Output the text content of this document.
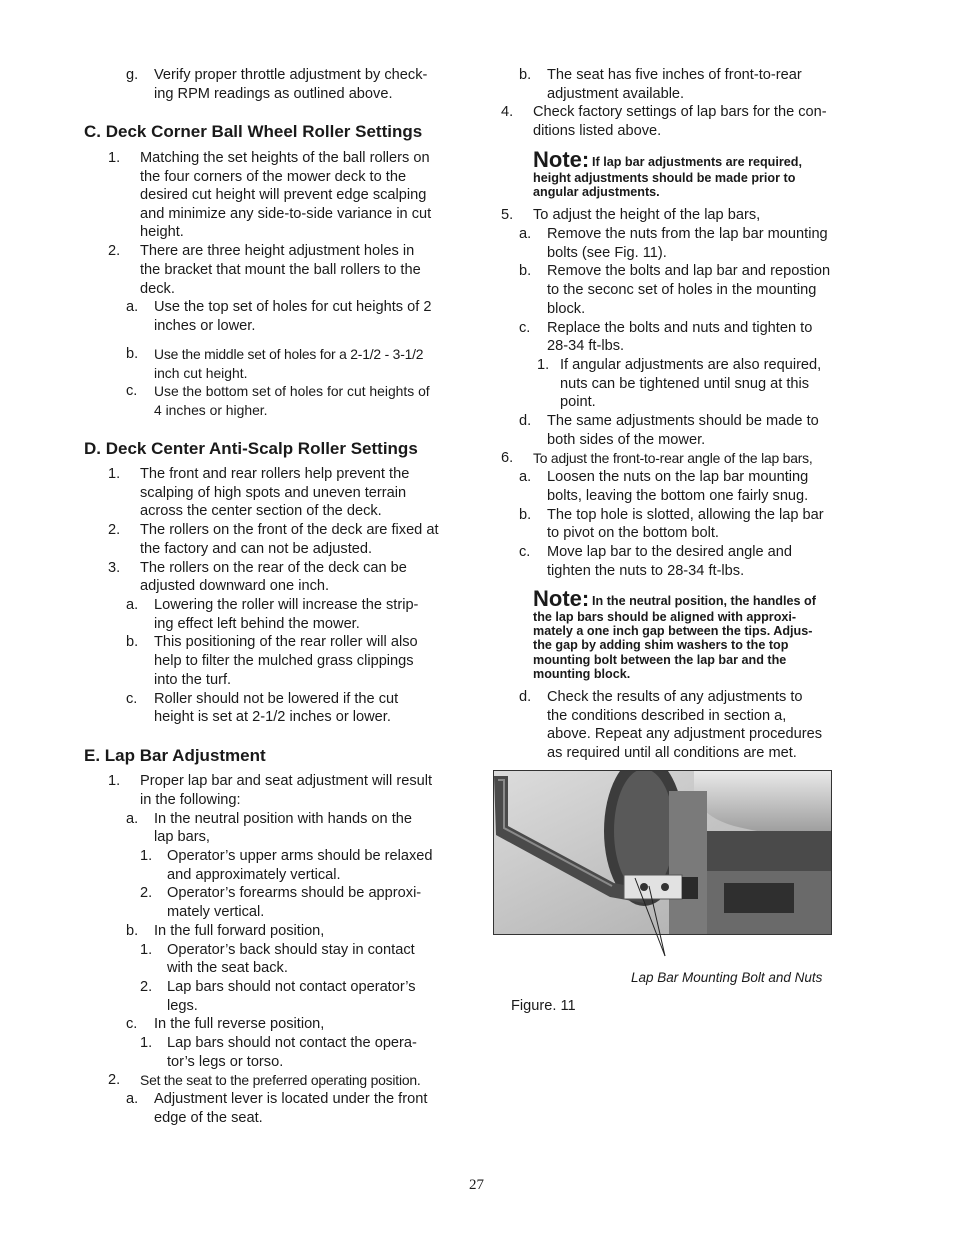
g. Verify proper throttle adjustment by check-
ing RPM readings as outlined above.
C. Deck Corner Ball Wheel Roller Settings
1. Matching the set heights of the ball rollers on
the four corners of the mower deck to the
desired cut height will prevent edge scalping
and minimize any side-to-side variance in cut
height.
2. There are three height adjustment holes in
the bracket that mount the ball rollers to the
deck.
a. Use the top set of holes for cut heights of 2
inches or lower.
b. Use the middle set of holes for a 2-1/2 - 3-1/2
inch cut height.
c. Use the bottom set of holes for cut heights of
4 inches or higher.
D. Deck Center Anti-Scalp Roller Settings
1. The front and rear rollers help prevent the
scalping of high spots and uneven terrain
across the center section of the deck.
2. The rollers on the front of the deck are fixed at
the factory and can not be adjusted.
3. The rollers on the rear of the deck can be
adjusted downward one inch.
a. Lowering the roller will increase the strip-
ing effect left behind the mower.
b. This positioning of the rear roller will also
help to filter the mulched grass clippings
into the turf.
c. Roller should not be lowered if the cut
height is set at 2-1/2 inches or lower.
E. Lap Bar Adjustment
1. Proper lap bar and seat adjustment will result
in the following:
a. In the neutral position with hands on the
lap bars,
1. Operator’s upper arms should be relaxed
and approximately vertical.
2. Operator’s forearms should be approxi-
mately vertical.
b. In the full forward position,
1. Operator’s back should stay in contact
with the seat back.
2. Lap bars should not contact operator’s
legs.
c. In the full reverse position,
1. Lap bars should not contact the opera-
tor’s legs or torso.
2. Set the seat to the preferred operating position.
a. Adjustment lever is located under the front
edge of the seat.
b. The seat has five inches of front-to-rear
adjustment available.
4. Check factory settings of lap bars for the con-
ditions listed above.
Note: If lap bar adjustments are required,
height adjustments should be made prior to
angular adjustments.
5. To adjust the height of the lap bars,
a. Remove the nuts from the lap bar mounting
bolts (see Fig. 11).
b. Remove the bolts and lap bar and repostion
to the seconc set of holes in the mounting
block.
c. Replace the bolts and nuts and tighten to
28-34 ft-lbs.
1. If angular adjustments are also required,
nuts can be tightened until snug at this
point.
d. The same adjustments should be made to
both sides of the mower.
6. To adjust the front-to-rear angle of the lap bars,
a. Loosen the nuts on the lap bar mounting
bolts, leaving the bottom one fairly snug.
b. The top hole is slotted, allowing the lap bar
to pivot on the bottom bolt.
c. Move lap bar to the desired angle and
tighten the nuts to 28-34 ft-lbs.
Note: In the neutral position, the handles of
the lap bars should be aligned with approxi-
mately a one inch gap between the tips. Adjus-
the gap by adding shim washers to the top
mounting bolt between the lap bar and the
mounting block.
d. Check the results of any adjustments to
the conditions described in section a,
above. Repeat any adjustment procedures
as required until all conditions are met.
Lap Bar Mounting Bolt and Nuts
Figure. 11
27
